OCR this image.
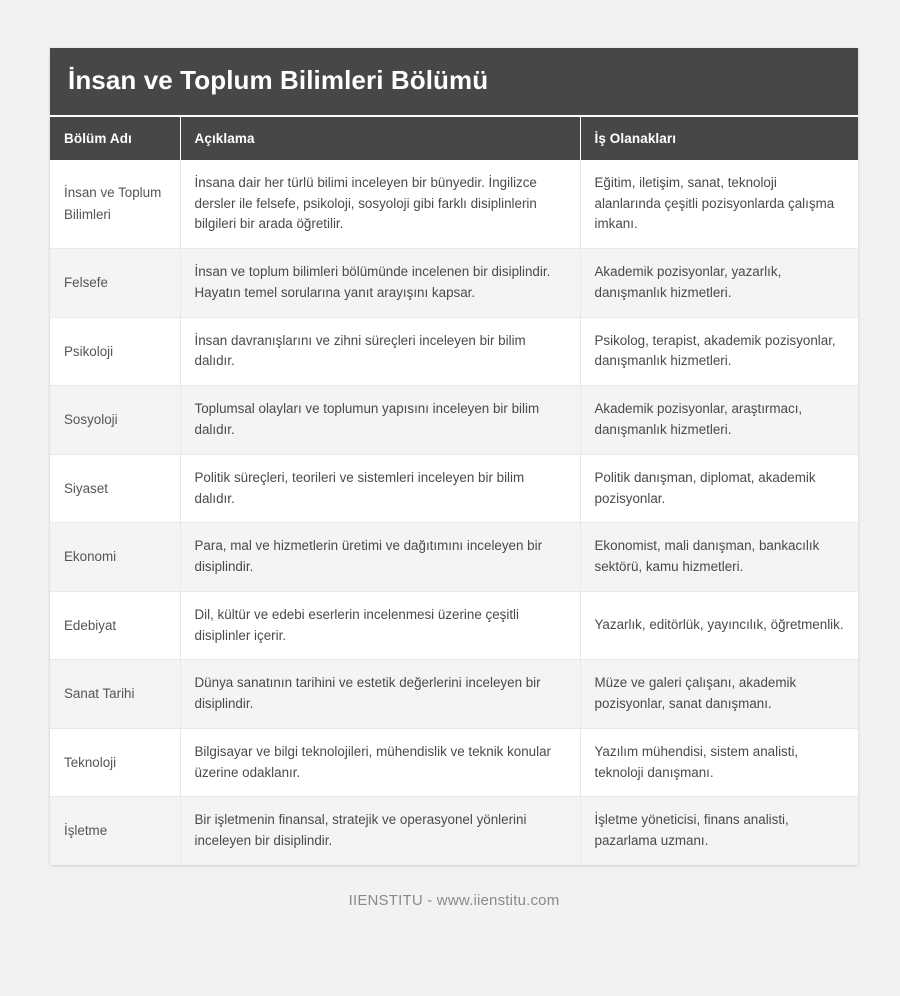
İnsan ve Toplum Bilimleri Bölümü
Bölüm Adı	Açıklama	İş Olanakları
İnsan ve Toplum Bilimleri	İnsana dair her türlü bilimi inceleyen bir bünyedir. İngilizce dersler ile felsefe, psikoloji, sosyoloji gibi farklı disiplinlerin bilgileri bir arada öğretilir.	Eğitim, iletişim, sanat, teknoloji alanlarında çeşitli pozisyonlarda çalışma imkanı.
Felsefe	İnsan ve toplum bilimleri bölümünde incelenen bir disiplindir. Hayatın temel sorularına yanıt arayışını kapsar.	Akademik pozisyonlar, yazarlık, danışmanlık hizmetleri.
Psikoloji	İnsan davranışlarını ve zihni süreçleri inceleyen bir bilim dalıdır.	Psikolog, terapist, akademik pozisyonlar, danışmanlık hizmetleri.
Sosyoloji	Toplumsal olayları ve toplumun yapısını inceleyen bir bilim dalıdır.	Akademik pozisyonlar, araştırmacı, danışmanlık hizmetleri.
Siyaset	Politik süreçleri, teorileri ve sistemleri inceleyen bir bilim dalıdır.	Politik danışman, diplomat, akademik pozisyonlar.
Ekonomi	Para, mal ve hizmetlerin üretimi ve dağıtımını inceleyen bir disiplindir.	Ekonomist, mali danışman, bankacılık sektörü, kamu hizmetleri.
Edebiyat	Dil, kültür ve edebi eserlerin incelenmesi üzerine çeşitli disiplinler içerir.	Yazarlık, editörlük, yayıncılık, öğretmenlik.
Sanat Tarihi	Dünya sanatının tarihini ve estetik değerlerini inceleyen bir disiplindir.	Müze ve galeri çalışanı, akademik pozisyonlar, sanat danışmanı.
Teknoloji	Bilgisayar ve bilgi teknolojileri, mühendislik ve teknik konular üzerine odaklanır.	Yazılım mühendisi, sistem analisti, teknoloji danışmanı.
İşletme	Bir işletmenin finansal, stratejik ve operasyonel yönlerini inceleyen bir disiplindir.	İşletme yöneticisi, finans analisti, pazarlama uzmanı.
IIENSTITU - www.iienstitu.com
